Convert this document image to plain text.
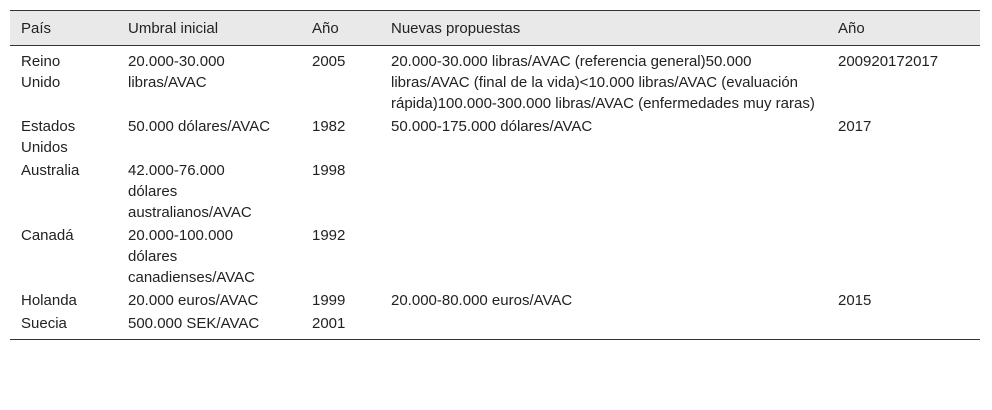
País	Umbral inicial	Año	Nuevas propuestas	Año

Reino Unido	20.000-30.000 libras/AVAC	2005	20.000-30.000 libras/AVAC (referencia general)50.000 libras/AVAC (final de la vida)<10.000 libras/AVAC (evaluación rápida)100.000-300.000 libras/AVAC (enfermedades muy raras)	200920172017

Estados Unidos	50.000 dólares/AVAC	1982	50.000-175.000 dólares/AVAC	2017

Australia	42.000-76.000 dólares australianos/AVAC	1998		

Canadá	20.000-100.000 dólares canadienses/AVAC	1992		

Holanda	20.000 euros/AVAC	1999	20.000-80.000 euros/AVAC	2015

Suecia	500.000 SEK/AVAC	2001		
